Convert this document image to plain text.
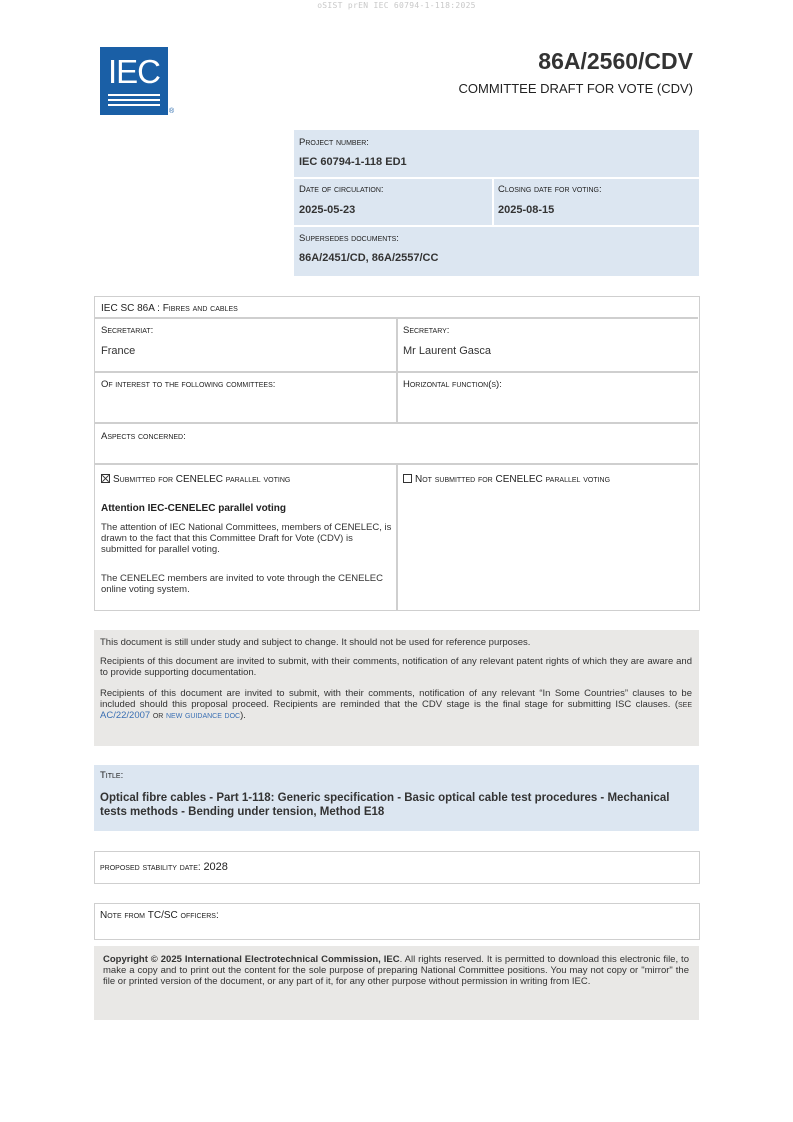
oSIST prEN IEC 60794-1-118:2025
IEC
®
86A/2560/CDV
COMMITTEE DRAFT FOR VOTE (CDV)
Project number:
IEC 60794-1-118 ED1
Date of circulation:
2025-05-23
Closing date for voting:
2025-08-15
Supersedes documents:
86A/2451/CD, 86A/2557/CC
IEC SC 86A : Fibres and cables
Secretariat:
France
Secretary:
Mr Laurent Gasca
Of interest to the following committees:	Horizontal function(s):
Aspects concerned:
Submitted for CENELEC parallel voting	Not submitted for CENELEC parallel voting
Attention IEC-CENELEC parallel voting
The attention of IEC National Committees, members of CENELEC, is drawn to the fact that this Committee Draft for Vote (CDV) is submitted for parallel voting.
The CENELEC members are invited to vote through the CENELEC online voting system.
This document is still under study and subject to change. It should not be used for reference purposes.
Recipients of this document are invited to submit, with their comments, notification of any relevant patent rights of which they are aware and to provide supporting documentation.
Recipients of this document are invited to submit, with their comments, notification of any relevant “In Some Countries” clauses to be included should this proposal proceed. Recipients are reminded that the CDV stage is the final stage for submitting ISC clauses. (see AC/22/2007 or new guidance doc).
Title:
Optical fibre cables - Part 1-118: Generic specification - Basic optical cable test procedures - Mechanical tests methods - Bending under tension, Method E18
proposed stability date: 2028
Note from TC/SC officers:
Copyright © 2025 International Electrotechnical Commission, IEC. All rights reserved. It is permitted to download this electronic file, to make a copy and to print out the content for the sole purpose of preparing National Committee positions. You may not copy or "mirror" the file or printed version of the document, or any part of it, for any other purpose without permission in writing from IEC.
